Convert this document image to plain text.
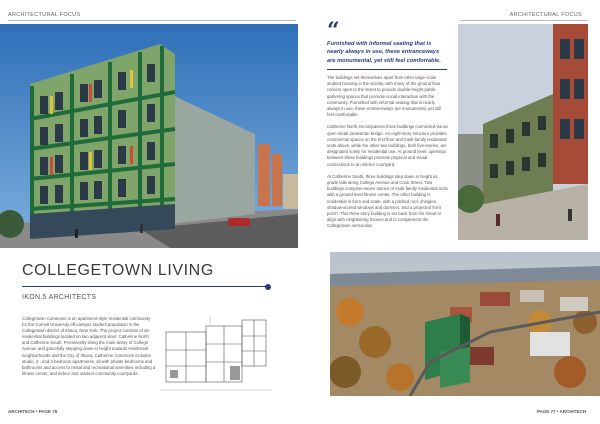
ARCHITECTURAL FOCUS	ARCHITECTURAL FOCUS
“
Furnished with informal seating that is nearly always in use, these entranceways are monumental, yet still feel comfortable.

The buildings set themselves apart from other large-scale student housing in the vicinity, with many of the ground floor corners open to the street to provide double-height public gathering spaces that promote social interaction with the community. Furnished with informal seating that is nearly always in use, these entranceways are monumental, yet still feel comfortable.

Catherine North encompasses three buildings connected via an open metal pedestrian bridge. An eight-story structure provides commercial spaces on the first floor and multi-family residential units above, while the other two buildings, both five-stories, are designated solely for residential use. At ground level, openings between these buildings promote physical and visual connections to an interior courtyard.

At Catherine South, three buildings step down in height as grade falls along College Avenue and Cook Street. Two buildings comprise seven stories of multi-family residential units with a ground level fitness center. The other building is residential in form and scale, with a pitched roof, shingles, shadow-scored windows and dormers, and a projected front porch. This three-story building is set back from the street to align with neighboring houses and to complement the Collegetown vernacular.

COLLEGETOWN LIVING
IKON.5 ARCHITECTS
Collegetown Commons is an apartment-style residential community for the Cornell University off-campus student population in the Collegetown district of Ithaca, New York. The project consists of six residential buildings located on two adjacent sites: Catherine North and Catherine South. Prominently lining the main artery of College Avenue and gracefully stepping down in height towards residential neighborhoods and the City of Ithaca, Catherine Commons includes studio, 2-, and 4-bedroom apartments, all with private bedrooms and bathrooms and access to rental and recreational amenities including a fitness center, and indoor and outdoor community courtyards.
ARCHITECH • PAGE 76	PAGE 77 • ARCHITECH
